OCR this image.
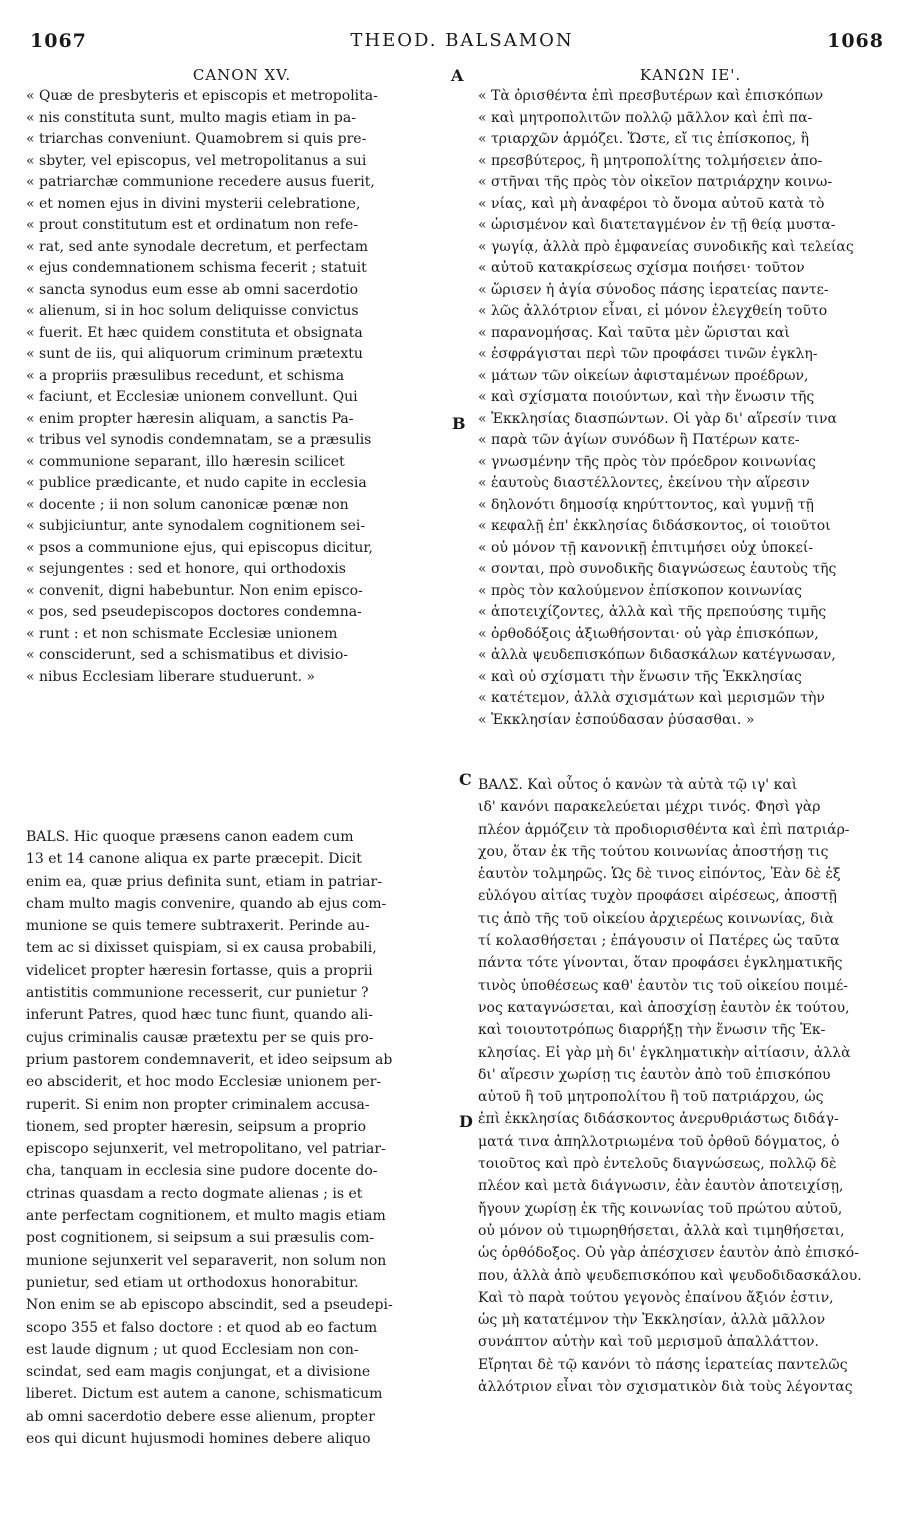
1067	THEOD. BALSAMON	1068
A
B
C
D
CANON XV.
« Quæ de presbyteris et episcopis et metropolita-
« nis constituta sunt, multo magis etiam in pa-
« triarchas conveniunt. Quamobrem si quis pre-
« sbyter, vel episcopus, vel metropolitanus a sui
« patriarchæ communione recedere ausus fuerit,
« et nomen ejus in divini mysterii celebratione,
« prout constitutum est et ordinatum non refe-
« rat, sed ante synodale decretum, et perfectam
« ejus condemnationem schisma fecerit ; statuit
« sancta synodus eum esse ab omni sacerdotio
« alienum, si in hoc solum deliquisse convictus
« fuerit. Et hæc quidem constituta et obsignata
« sunt de iis, qui aliquorum criminum prætextu
« a propriis præsulibus recedunt, et schisma
« faciunt, et Ecclesiæ unionem convellunt. Qui
« enim propter hæresin aliquam, a sanctis Pa-
« tribus vel synodis condemnatam, se a præsulis
« communione separant, illo hæresin scilicet
« publice prædicante, et nudo capite in ecclesia
« docente ; ii non solum canonicæ pœnæ non
« subjiciuntur, ante synodalem cognitionem sei-
« psos a communione ejus, qui episcopus dicitur,
« sejungentes : sed et honore, qui orthodoxis
« convenit, digni habebuntur. Non enim episco-
« pos, sed pseudepiscopos doctores condemna-
« runt : et non schismate Ecclesiæ unionem
« consciderunt, sed a schismatibus et divisio-
« nibus Ecclesiam liberare studuerunt. »
ΚΑΝΩΝ ΙΕ'.
« Τὰ ὁρισθέντα ἐπὶ πρεσβυτέρων καὶ ἐπισκόπων
« καὶ μητροπολιτῶν πολλῷ μᾶλλον καὶ ἐπὶ πα-
« τριαρχῶν ἁρμόζει. Ὥστε, εἴ τις ἐπίσκοπος, ἢ
« πρεσβύτερος, ἢ μητροπολίτης τολμήσειεν ἀπο-
« στῆναι τῆς πρὸς τὸν οἰκεῖον πατριάρχην κοινω-
« νίας, καὶ μὴ ἀναφέροι τὸ ὄνομα αὐτοῦ κατὰ τὸ
« ὡρισμένον καὶ διατεταγμένον ἐν τῇ θείᾳ μυστα-
« γωγίᾳ, ἀλλὰ πρὸ ἐμφανείας συνοδικῆς καὶ τελείας
« αὐτοῦ κατακρίσεως σχίσμα ποιήσει· τοῦτον
« ὥρισεν ἡ ἁγία σύνοδος πάσης ἱερατείας παντε-
« λῶς ἀλλότριον εἶναι, εἰ μόνον ἐλεγχθείη τοῦτο
« παρανομήσας. Καὶ ταῦτα μὲν ὥρισται καὶ
« ἐσφράγισται περὶ τῶν προφάσει τινῶν ἐγκλη-
« μάτων τῶν οἰκείων ἀφισταμένων προέδρων,
« καὶ σχίσματα ποιούντων, καὶ τὴν ἕνωσιν τῆς
« Ἐκκλησίας διασπώντων. Οἱ γὰρ δι' αἵρεσίν τινα
« παρὰ τῶν ἁγίων συνόδων ἢ Πατέρων κατε-
« γνωσμένην τῆς πρὸς τὸν πρόεδρον κοινωνίας
« ἑαυτοὺς διαστέλλοντες, ἐκείνου τὴν αἵρεσιν
« δηλονότι δημοσίᾳ κηρύττοντος, καὶ γυμνῇ τῇ
« κεφαλῇ ἐπ' ἐκκλησίας διδάσκοντος, οἱ τοιοῦτοι
« οὐ μόνον τῇ κανονικῇ ἐπιτιμήσει οὐχ ὑποκεί-
« σονται, πρὸ συνοδικῆς διαγνώσεως ἑαυτοὺς τῆς
« πρὸς τὸν καλούμενον ἐπίσκοπον κοινωνίας
« ἀποτειχίζοντες, ἀλλὰ καὶ τῆς πρεπούσης τιμῆς
« ὀρθοδόξοις ἀξιωθήσονται· οὐ γὰρ ἐπισκόπων,
« ἀλλὰ ψευδεπισκόπων διδασκάλων κατέγνωσαν,
« καὶ οὐ σχίσματι τὴν ἕνωσιν τῆς Ἐκκλησίας
« κατέτεμον, ἀλλὰ σχισμάτων καὶ μερισμῶν τὴν
« Ἐκκλησίαν ἐσπούδασαν ῥύσασθαι. »
BALS. Hic quoque præsens canon eadem cum
13 et 14 canone aliqua ex parte præcepit. Dicit
enim ea, quæ prius definita sunt, etiam in patriar-
cham multo magis convenire, quando ab ejus com-
munione se quis temere subtraxerit. Perinde au-
tem ac si dixisset quispiam, si ex causa probabili,
videlicet propter hæresin fortasse, quis a proprii
antistitis communione recesserit, cur punietur ?
inferunt Patres, quod hæc tunc fiunt, quando ali-
cujus criminalis causæ prætextu per se quis pro-
prium pastorem condemnaverit, et ideo seipsum ab
eo absciderit, et hoc modo Ecclesiæ unionem per-
ruperit. Si enim non propter criminalem accusa-
tionem, sed propter hæresin, seipsum a proprio
episcopo sejunxerit, vel metropolitano, vel patriar-
cha, tanquam in ecclesia sine pudore docente do-
ctrinas quasdam a recto dogmate alienas ; is et
ante perfectam cognitionem, et multo magis etiam
post cognitionem, si seipsum a sui præsulis com-
munione sejunxerit vel separaverit, non solum non
punietur, sed etiam ut orthodoxus honorabitur.
Non enim se ab episcopo abscindit, sed a pseudepi-
scopo 355 et falso doctore : et quod ab eo factum
est laude dignum ; ut quod Ecclesiam non con-
scindat, sed eam magis conjungat, et a divisione
liberet. Dictum est autem a canone, schismaticum
ab omni sacerdotio debere esse alienum, propter
eos qui dicunt hujusmodi homines debere aliquo
ΒΑΛΣ. Καὶ οὗτος ὁ κανὼν τὰ αὐτὰ τῷ ιγ' καὶ
ιδ' κανόνι παρακελεύεται μέχρι τινός. Φησὶ γὰρ
πλέον ἁρμόζειν τὰ προδιορισθέντα καὶ ἐπὶ πατριάρ-
χου, ὅταν ἐκ τῆς τούτου κοινωνίας ἀποστήσῃ τις
ἑαυτὸν τολμηρῶς. Ὡς δὲ τινος εἰπόντος, Ἐὰν δὲ ἐξ
εὐλόγου αἰτίας τυχὸν προφάσει αἱρέσεως, ἀποστῇ
τις ἀπὸ τῆς τοῦ οἰκείου ἀρχιερέως κοινωνίας, διὰ
τί κολασθήσεται ; ἐπάγουσιν οἱ Πατέρες ὡς ταῦτα
πάντα τότε γίνονται, ὅταν προφάσει ἐγκληματικῆς
τινὸς ὑποθέσεως καθ' ἑαυτὸν τις τοῦ οἰκείου ποιμέ-
νος καταγνώσεται, καὶ ἀποσχίσῃ ἑαυτὸν ἐκ τούτου,
καὶ τοιουτοτρόπως διαρρήξῃ τὴν ἕνωσιν τῆς Ἐκ-
κλησίας. Εἰ γὰρ μὴ δι' ἐγκληματικὴν αἰτίασιν, ἀλλὰ
δι' αἵρεσιν χωρίσῃ τις ἑαυτὸν ἀπὸ τοῦ ἐπισκόπου
αὐτοῦ ἢ τοῦ μητροπολίτου ἢ τοῦ πατριάρχου, ὡς
ἐπὶ ἐκκλησίας διδάσκοντος ἀνερυθριάστως διδάγ-
ματά τινα ἀπηλλοτριωμένα τοῦ ὀρθοῦ δόγματος, ὁ
τοιοῦτος καὶ πρὸ ἐντελοῦς διαγνώσεως, πολλῷ δὲ
πλέον καὶ μετὰ διάγνωσιν, ἐὰν ἑαυτὸν ἀποτειχίσῃ,
ἤγουν χωρίσῃ ἐκ τῆς κοινωνίας τοῦ πρώτου αὐτοῦ,
οὐ μόνον οὐ τιμωρηθήσεται, ἀλλὰ καὶ τιμηθήσεται,
ὡς ὀρθόδοξος. Οὐ γὰρ ἀπέσχισεν ἑαυτὸν ἀπὸ ἐπισκό-
που, ἀλλὰ ἀπὸ ψευδεπισκόπου καὶ ψευδοδιδασκάλου.
Καὶ τὸ παρὰ τούτου γεγονὸς ἐπαίνου ἄξιόν ἐστιν,
ὡς μὴ κατατέμνον τὴν Ἐκκλησίαν, ἀλλὰ μᾶλλον
συνάπτον αὐτὴν καὶ τοῦ μερισμοῦ ἀπαλλάττον.
Εἴρηται δὲ τῷ κανόνι τὸ πάσης ἱερατείας παντελῶς
ἀλλότριον εἶναι τὸν σχισματικὸν διὰ τοὺς λέγοντας
